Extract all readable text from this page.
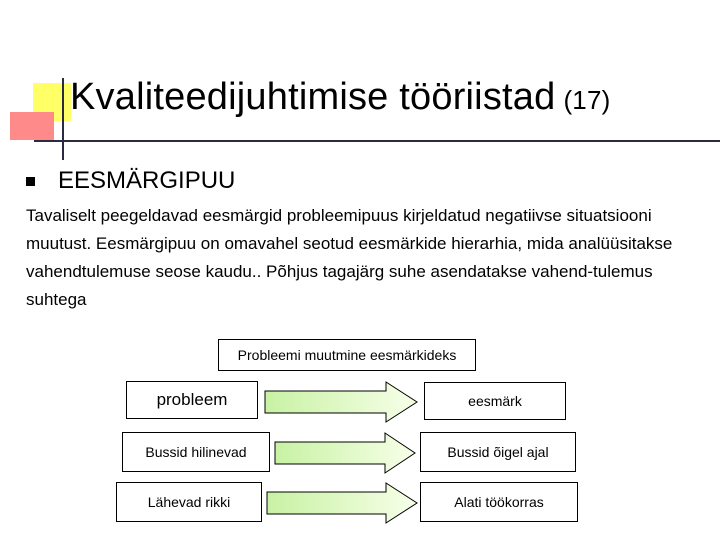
Kvaliteedijuhtimise tööriistad (17)
EESMÄRGIPUU

Tavaliselt peegeldavad eesmärgid probleemipuus kirjeldatud negatiivse situatsiooni muutust. Eesmärgipuu on omavahel seotud eesmärkide hierarhia, mida analüüsitakse vahendtulemuse seose kaudu.. Põhjus tagajärg suhe asendatakse vahend-tulemus suhtega

Probleemi muutmine eesmärkideks
probleem	eesmärk
Bussid hilinevad	Bussid õigel ajal
Lähevad rikki	Alati töökorras
